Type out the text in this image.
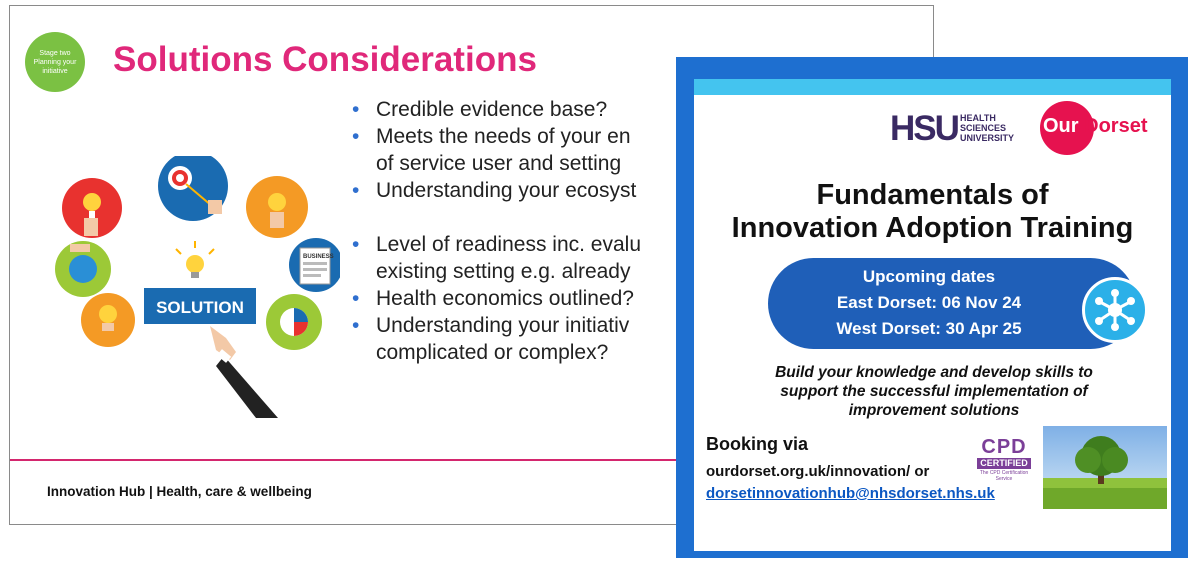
Stage two
Planning your initiative	Solutions Considerations
BUSINESS
SOLUTION
• Credible evidence base?
• Meets the needs of your en
of service user and setting
• Understanding your ecosyst
• Level of readiness inc. evalu
existing setting e.g. already
• Health economics outlined?
• Understanding your initiativ
complicated or complex?
Innovation Hub | Health, care & wellbeing
HSU HEALTH
SCIENCES
UNIVERSITY
Our Dorset
Fundamentals of
Innovation Adoption Training
Upcoming dates
East Dorset: 06 Nov 24
West Dorset: 30 Apr 25

Build your knowledge and develop skills to
support the successful implementation of
improvement solutions

Booking via
ourdorset.org.uk/innovation/ or
dorsetinnovationhub@nhsdorset.nhs.uk
CPD
CERTIFIED
The CPD Certification Service
